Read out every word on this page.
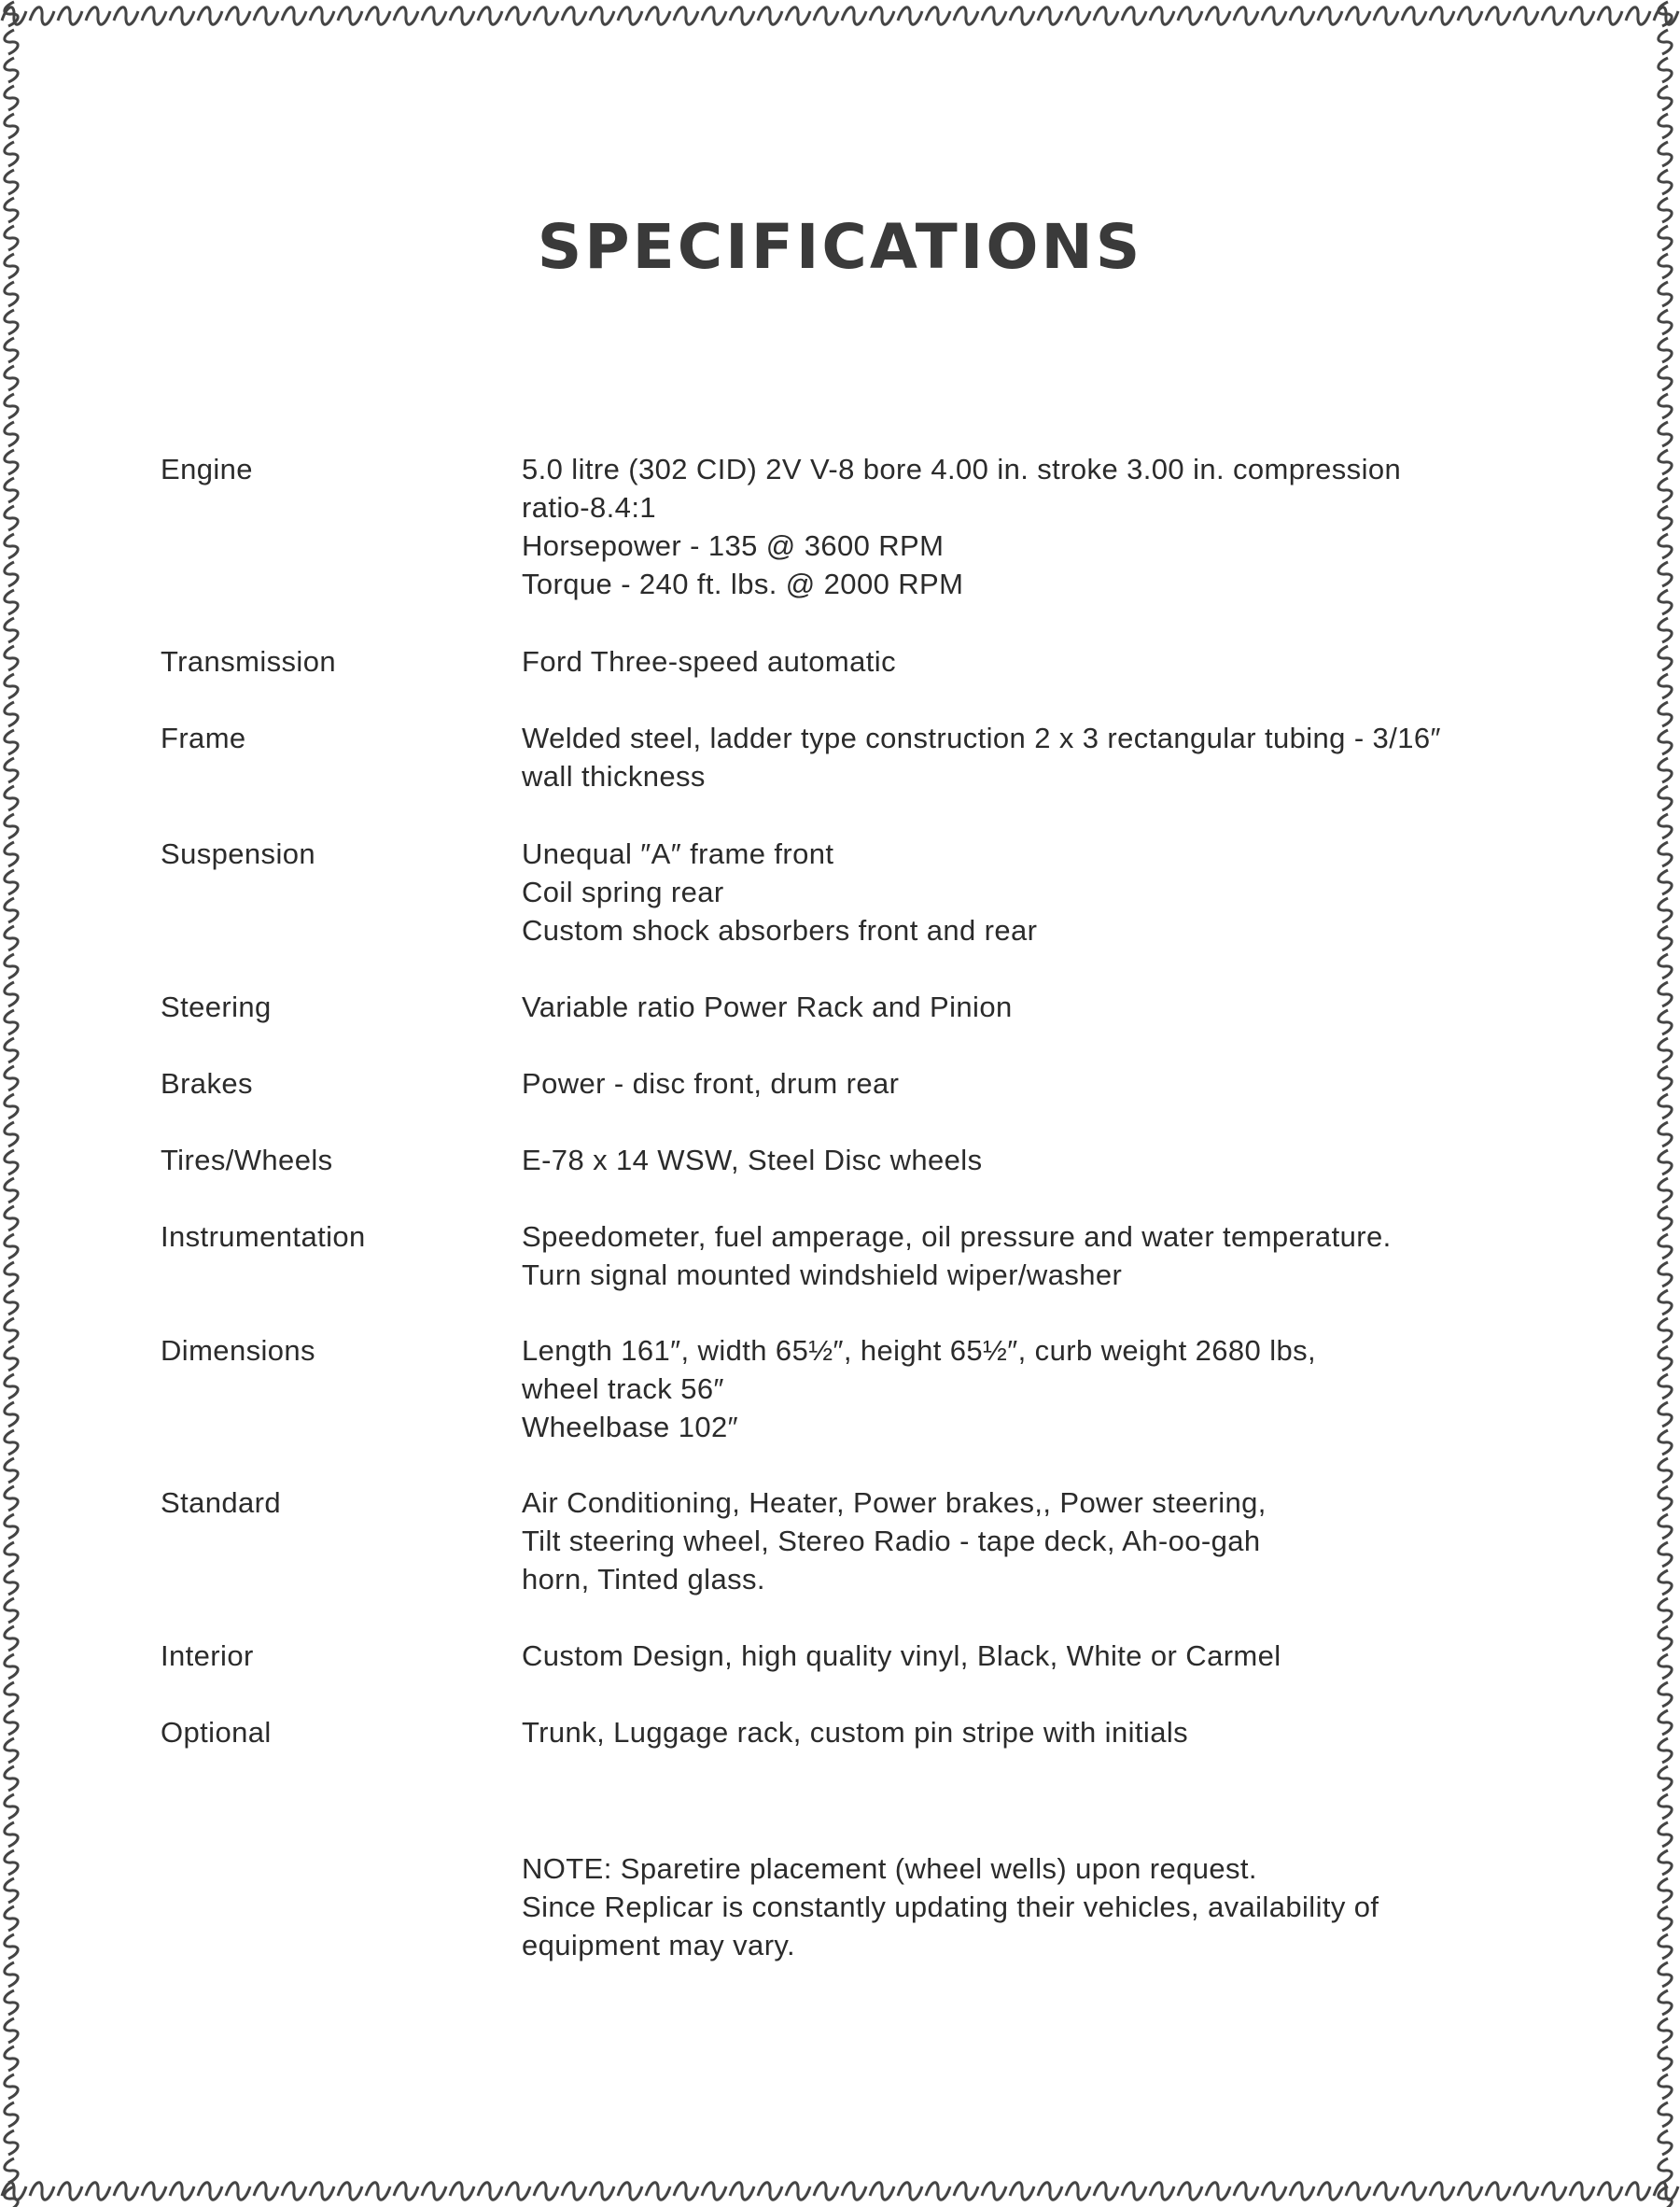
SPECIFICATIONS
Engine	5.0 litre (302 CID) 2V V-8 bore 4.00 in. stroke 3.00 in. compression
ratio-8.4:1
Horsepower - 135 @ 3600 RPM
Torque - 240 ft. lbs. @ 2000 RPM
Transmission	Ford Three-speed automatic
Frame	Welded steel, ladder type construction 2 x 3 rectangular tubing - 3/16″
wall thickness
Suspension	Unequal ″A″ frame front
Coil spring rear
Custom shock absorbers front and rear
Steering	Variable ratio Power Rack and Pinion
Brakes	Power - disc front, drum rear
Tires/Wheels	E-78 x 14 WSW, Steel Disc wheels
Instrumentation	Speedometer, fuel amperage, oil pressure and water temperature.
Turn signal mounted windshield wiper/washer
Dimensions	Length 161″, width 65½″, height 65½″, curb weight 2680 lbs,
wheel track 56″
Wheelbase 102″
Standard	Air Conditioning, Heater, Power brakes,, Power steering,
Tilt steering wheel, Stereo Radio - tape deck, Ah-oo-gah
horn, Tinted glass.
Interior	Custom Design, high quality vinyl, Black, White or Carmel
Optional	Trunk, Luggage rack, custom pin stripe with initials
NOTE: Sparetire placement (wheel wells) upon request.
Since Replicar is constantly updating their vehicles, availability of
equipment may vary.
